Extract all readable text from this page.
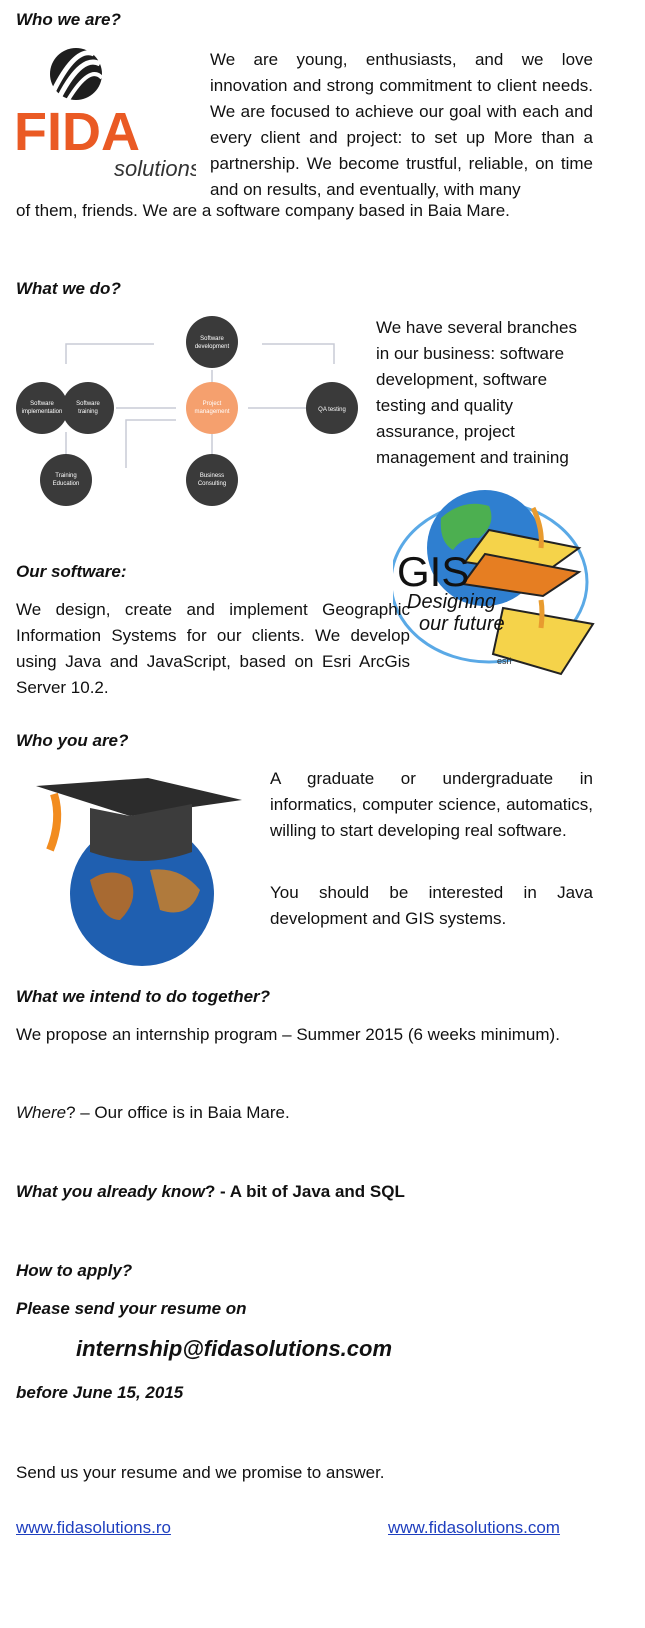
Who we are?
FIDA
solutions
We are young, enthusiasts, and we love innovation and strong commitment to client needs. We are focused to achieve our goal with each and every client and project: to set up More than a partnership. We become trustful, reliable, on time and on results, and eventually, with many
of them, friends. We are a software company based in Baia Mare.
What we do?
Software
development
Software
implementation
Software
training
Project
management	QA testing
Training
Education
Business
Consulting
We have several branches in our business: software development, software testing and quality assurance, project management and training
GIS
Designing
our future
esri
Our software:
We design, create and implement Geographic Information Systems for our clients. We develop using Java and JavaScript, based on Esri ArcGis Server 10.2.
Who you are?
A graduate or undergraduate in informatics, computer science, automatics, willing to start developing real software.
You should be interested in Java development and GIS systems.
What we intend to do together?
We propose an internship program – Summer 2015 (6 weeks minimum).
Where? – Our office is in Baia Mare.
What you already know? - A bit of Java and SQL
How to apply?
Please send your resume on
internship@fidasolutions.com
before June 15, 2015
Send us your resume and we promise to answer.
www.fidasolutions.ro	www.fidasolutions.com
